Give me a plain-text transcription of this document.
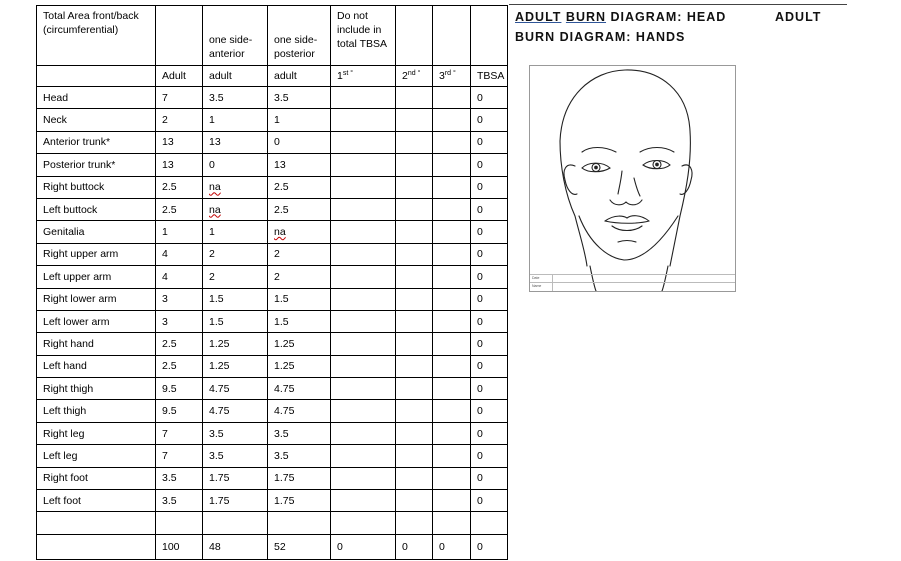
Total Area front/back (circumferential)		one side-anterior	one side-posterior	Do not include in total TBSA			

	Adult	adult	adult	$1^{st ^\circ}$	$2^{nd ^\circ}$	$3^{rd ^\circ}$	TBSA
Head	7	3.5	3.5				0
Neck	2	1	1				0
Anterior trunk*	13	13	0				0
Posterior trunk*	13	0	13				0
Right buttock	2.5	na	2.5				0
Left buttock	2.5	na	2.5				0
Genitalia	1	1	na				0
Right upper arm	4	2	2				0
Left upper arm	4	2	2				0
Right lower arm	3	1.5	1.5				0
Left lower arm	3	1.5	1.5				0
Right hand	2.5	1.25	1.25				0
Left hand	2.5	1.25	1.25				0
Right thigh	9.5	4.75	4.75				0
Left thigh	9.5	4.75	4.75				0
Right leg	7	3.5	3.5				0
Left leg	7	3.5	3.5				0
Right foot	3.5	1.75	1.75				0
Left foot	3.5	1.75	1.75				0

	100	48	52	0	0	0	0
ADULT BURN DIAGRAM: HEAD	ADULT
BURN DIAGRAM: HANDS
Date
Name
